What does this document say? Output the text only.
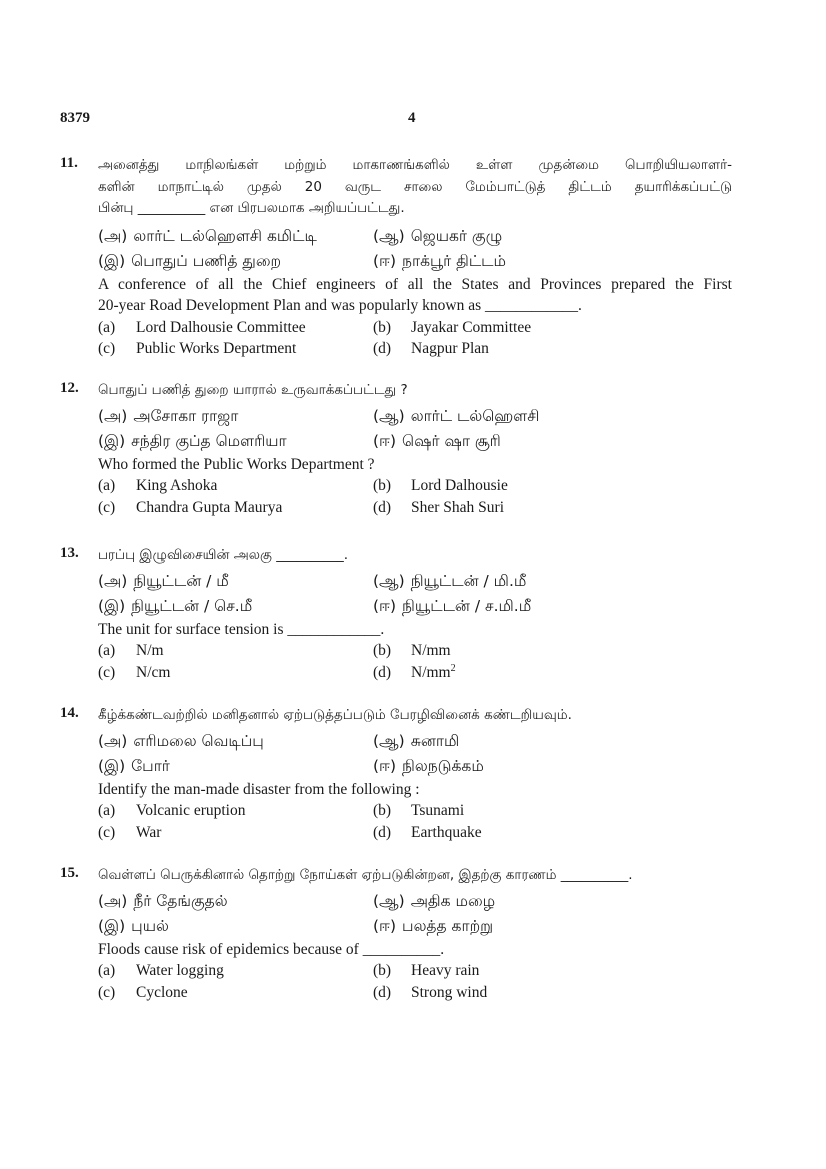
8379	4
11. அனைத்து மாநிலங்கள் மற்றும் மாகாணங்களில் உள்ள முதன்மை பொறியியலாளர்-
களின் மாநாட்டில் முதல் 20 வருட சாலை மேம்பாட்டுத் திட்டம் தயாரிக்கப்பட்டு
பின்பு __________ என பிரபலமாக அறியப்பட்டது.
(அ) லார்ட் டல்ஹௌசி கமிட்டி	(ஆ) ஜெயகர் குழு
(இ) பொதுப் பணித் துறை	(ஈ) நாக்பூர் திட்டம்
A conference of all the Chief engineers of all the States and Provinces prepared the First
20-year Road Development Plan and was popularly known as ____________.
(a) Lord Dalhousie Committee	(b) Jayakar Committee
(c) Public Works Department	(d) Nagpur Plan
12. பொதுப் பணித் துறை யாரால் உருவாக்கப்பட்டது ?
(அ) அசோகா ராஜா	(ஆ) லார்ட் டல்ஹௌசி
(இ) சந்திர குப்த மௌரியா	(ஈ) ஷெர் ஷா சூரி
Who formed the Public Works Department ?
(a) King Ashoka	(b) Lord Dalhousie
(c) Chandra Gupta Maurya	(d) Sher Shah Suri
13. பரப்பு இழுவிசையின் அலகு __________.
(அ) நியூட்டன் / மீ	(ஆ) நியூட்டன் / மி.மீ
(இ) நியூட்டன் / செ.மீ	(ஈ) நியூட்டன் / ச.மி.மீ
The unit for surface tension is ____________.
(a) N/m	(b) N/mm
(c) N/cm	(d) $N/mm^2$
14. கீழ்க்கண்டவற்றில் மனிதனால் ஏற்படுத்தப்படும் பேரழிவினைக் கண்டறியவும்.
(அ) எரிமலை வெடிப்பு	(ஆ) சுனாமி
(இ) போர்	(ஈ) நிலநடுக்கம்
Identify the man-made disaster from the following :
(a) Volcanic eruption	(b) Tsunami
(c) War	(d) Earthquake
15. வெள்ளப் பெருக்கினால் தொற்று நோய்கள் ஏற்படுகின்றன, இதற்கு காரணம் __________.
(அ) நீர் தேங்குதல்	(ஆ) அதிக மழை
(இ) புயல்	(ஈ) பலத்த காற்று
Floods cause risk of epidemics because of __________.
(a) Water logging	(b) Heavy rain
(c) Cyclone	(d) Strong wind
